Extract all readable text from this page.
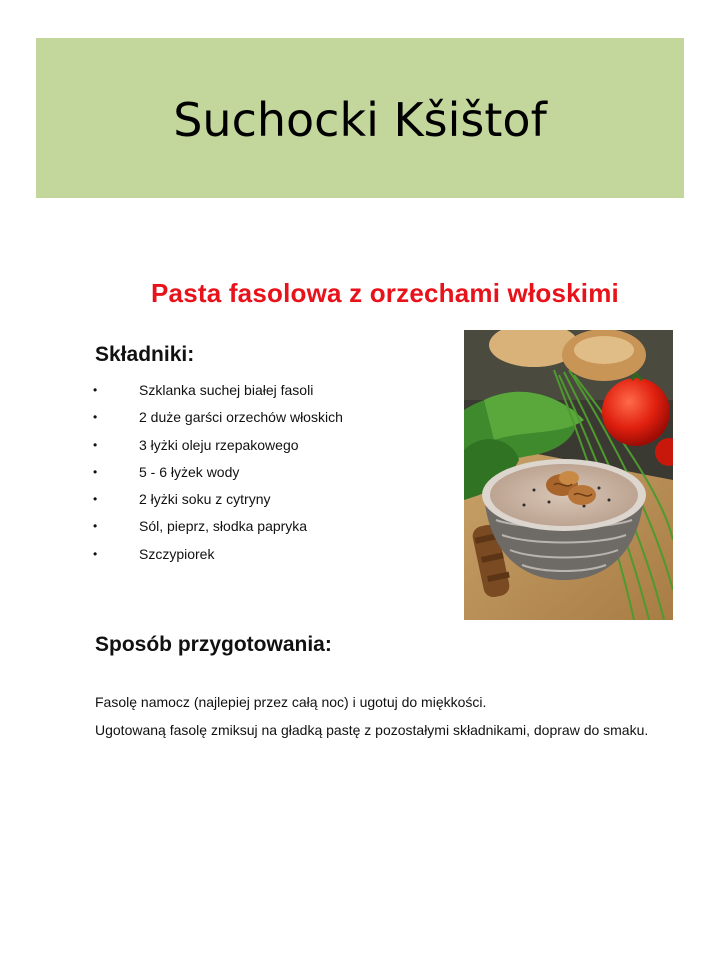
Suchocki Kšištof
Pasta fasolowa z orzechami włoskimi
Składniki:
•	Szklanka suchej białej fasoli
•	2 duże garści orzechów włoskich
•	3 łyżki oleju rzepakowego
•	5 - 6 łyżek wody
•	2 łyżki soku z cytryny
•	Sól, pieprz, słodka papryka
•	Szczypiorek
Sposób przygotowania:

Fasolę namocz (najlepiej przez całą noc) i ugotuj do miękkości.

Ugotowaną fasolę zmiksuj na gładką pastę z pozostałymi składnikami, dopraw do smaku.
